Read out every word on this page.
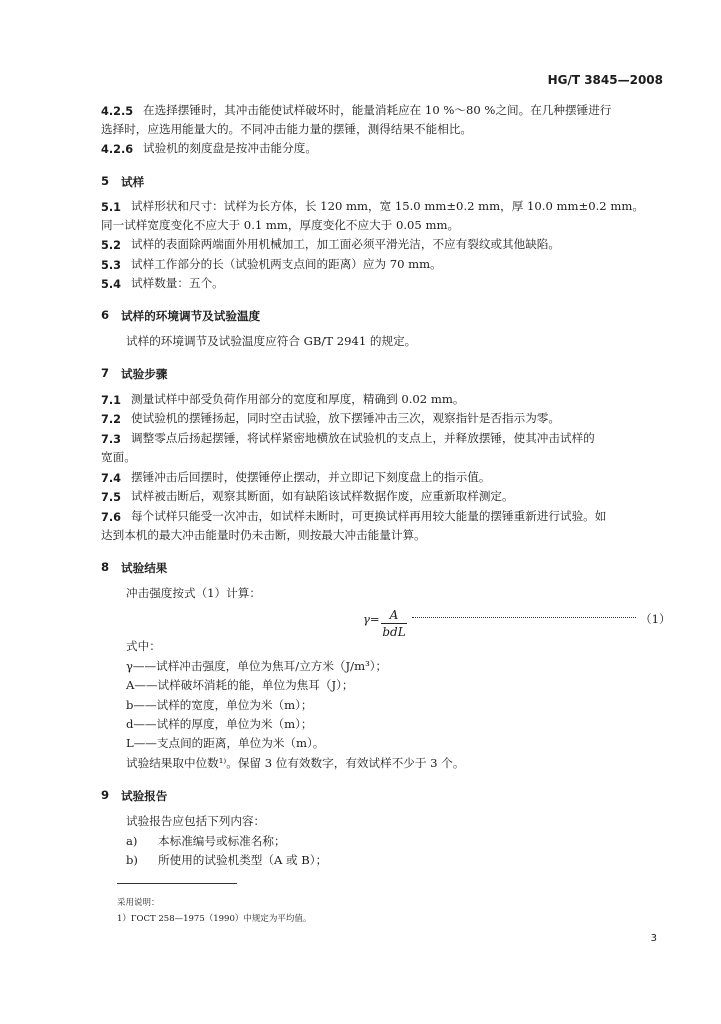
HG/T 3845—2008
4.2.5 在选择摆锤时，其冲击能使试样破坏时，能量消耗应在 10 %～80 %之间。在几种摆锤进行
选择时，应选用能量大的。不同冲击能力量的摆锤，测得结果不能相比。
4.2.6 试验机的刻度盘是按冲击能分度。
5 试样
5.1 试样形状和尺寸：试样为长方体，长 120 mm，宽 15.0 mm±0.2 mm，厚 10.0 mm±0.2 mm。
同一试样宽度变化不应大于 0.1 mm，厚度变化不应大于 0.05 mm。
5.2 试样的表面除两端面外用机械加工，加工面必须平滑光洁，不应有裂纹或其他缺陷。
5.3 试样工作部分的长（试验机两支点间的距离）应为 70 mm。
5.4 试样数量：五个。
6 试样的环境调节及试验温度
试样的环境调节及试验温度应符合 GB/T 2941 的规定。
7 试验步骤
7.1 测量试样中部受负荷作用部分的宽度和厚度，精确到 0.02 mm。
7.2 使试验机的摆锤扬起，同时空击试验，放下摆锤冲击三次，观察指针是否指示为零。
7.3 调整零点后扬起摆锤，将试样紧密地横放在试验机的支点上，并释放摆锤，使其冲击试样的
宽面。
7.4 摆锤冲击后回摆时，使摆锤停止摆动，并立即记下刻度盘上的指示值。
7.5 试样被击断后，观察其断面，如有缺陷该试样数据作废，应重新取样测定。
7.6 每个试样只能受一次冲击，如试样未断时，可更换试样再用较大能量的摆锤重新进行试验。如
达到本机的最大冲击能量时仍未击断，则按最大冲击能量计算。
8 试验结果
冲击强度按式（1）计算：
γ= A
bdL
（1）
式中：
γ——试样冲击强度，单位为焦耳/立方米（J/m³）；
A——试样破坏消耗的能，单位为焦耳（J）；
b——试样的宽度，单位为米（m）；
d——试样的厚度，单位为米（m）；
L——支点间的距离，单位为米（m）。
试验结果取中位数¹⁾。保留 3 位有效数字，有效试样不少于 3 个。
9 试验报告
试验报告应包括下列内容：
a) 本标准编号或标准名称；
b) 所使用的试验机类型（A 或 B）；
采用说明：
1）ГОСТ 258—1975（1990）中规定为平均值。
3
